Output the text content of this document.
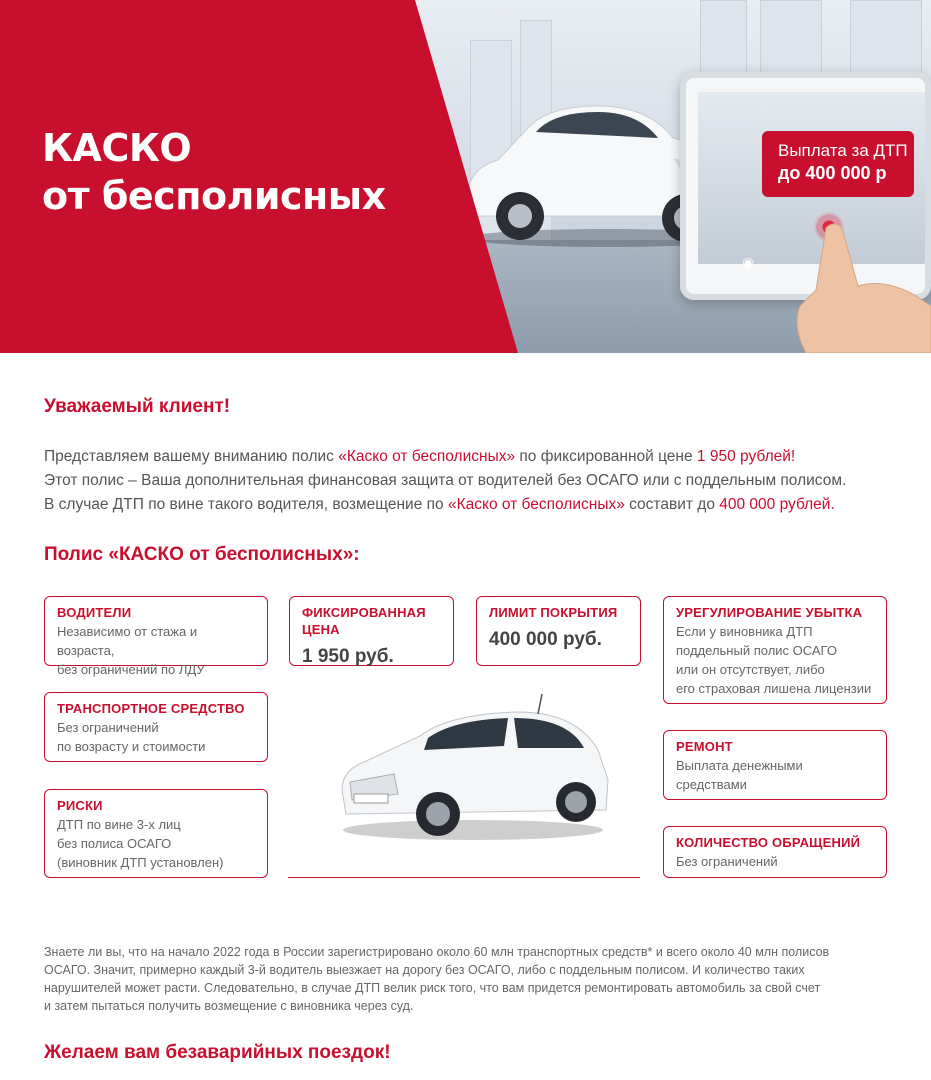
◉
Выплата за ДТП
до 400 000 р
КАСКО
от бесполисных
Уважаемый клиент!

Представляем вашему вниманию полис «Каско от бесполисных» по фиксированной цене 1 950 рублей!

Этот полис – Ваша дополнительная финансовая защита от водителей без ОСАГО или с поддельным полисом.

В случае ДТП по вине такого водителя, возмещение по «Каско от бесполисных» составит до 400 000 рублей.

Полис «КАСКО от бесполисных»:
ВОДИТЕЛИ
Независимо от стажа и возраста,
без ограничений по ЛДУ
ТРАНСПОРТНОЕ СРЕДСТВО
Без ограничений
по возрасту и стоимости
РИСКИ
ДТП по вине 3-х лиц
без полиса ОСАГО
(виновник ДТП установлен)
ФИКСИРОВАННАЯ ЦЕНА
1 950 руб.
ЛИМИТ ПОКРЫТИЯ
400 000 руб.
УРЕГУЛИРОВАНИЕ УБЫТКА
Если у виновника ДТП
поддельный полис ОСАГО
или он отсутствует, либо
его страховая лишена лицензии
РЕМОНТ
Выплата денежными
средствами
КОЛИЧЕСТВО ОБРАЩЕНИЙ
Без ограничений

Знаете ли вы, что на начало 2022 года в России зарегистрировано около 60 млн транспортных средств* и всего около 40 млн полисов

ОСАГО. Значит, примерно каждый 3-й водитель выезжает на дорогу без ОСАГО, либо с поддельным полисом. И количество таких

нарушителей может расти. Следовательно, в случае ДТП велик риск того, что вам придется ремонтировать автомобиль за свой счет

и затем пытаться получить возмещение с виновника через суд.

Желаем вам безаварийных поездок!
